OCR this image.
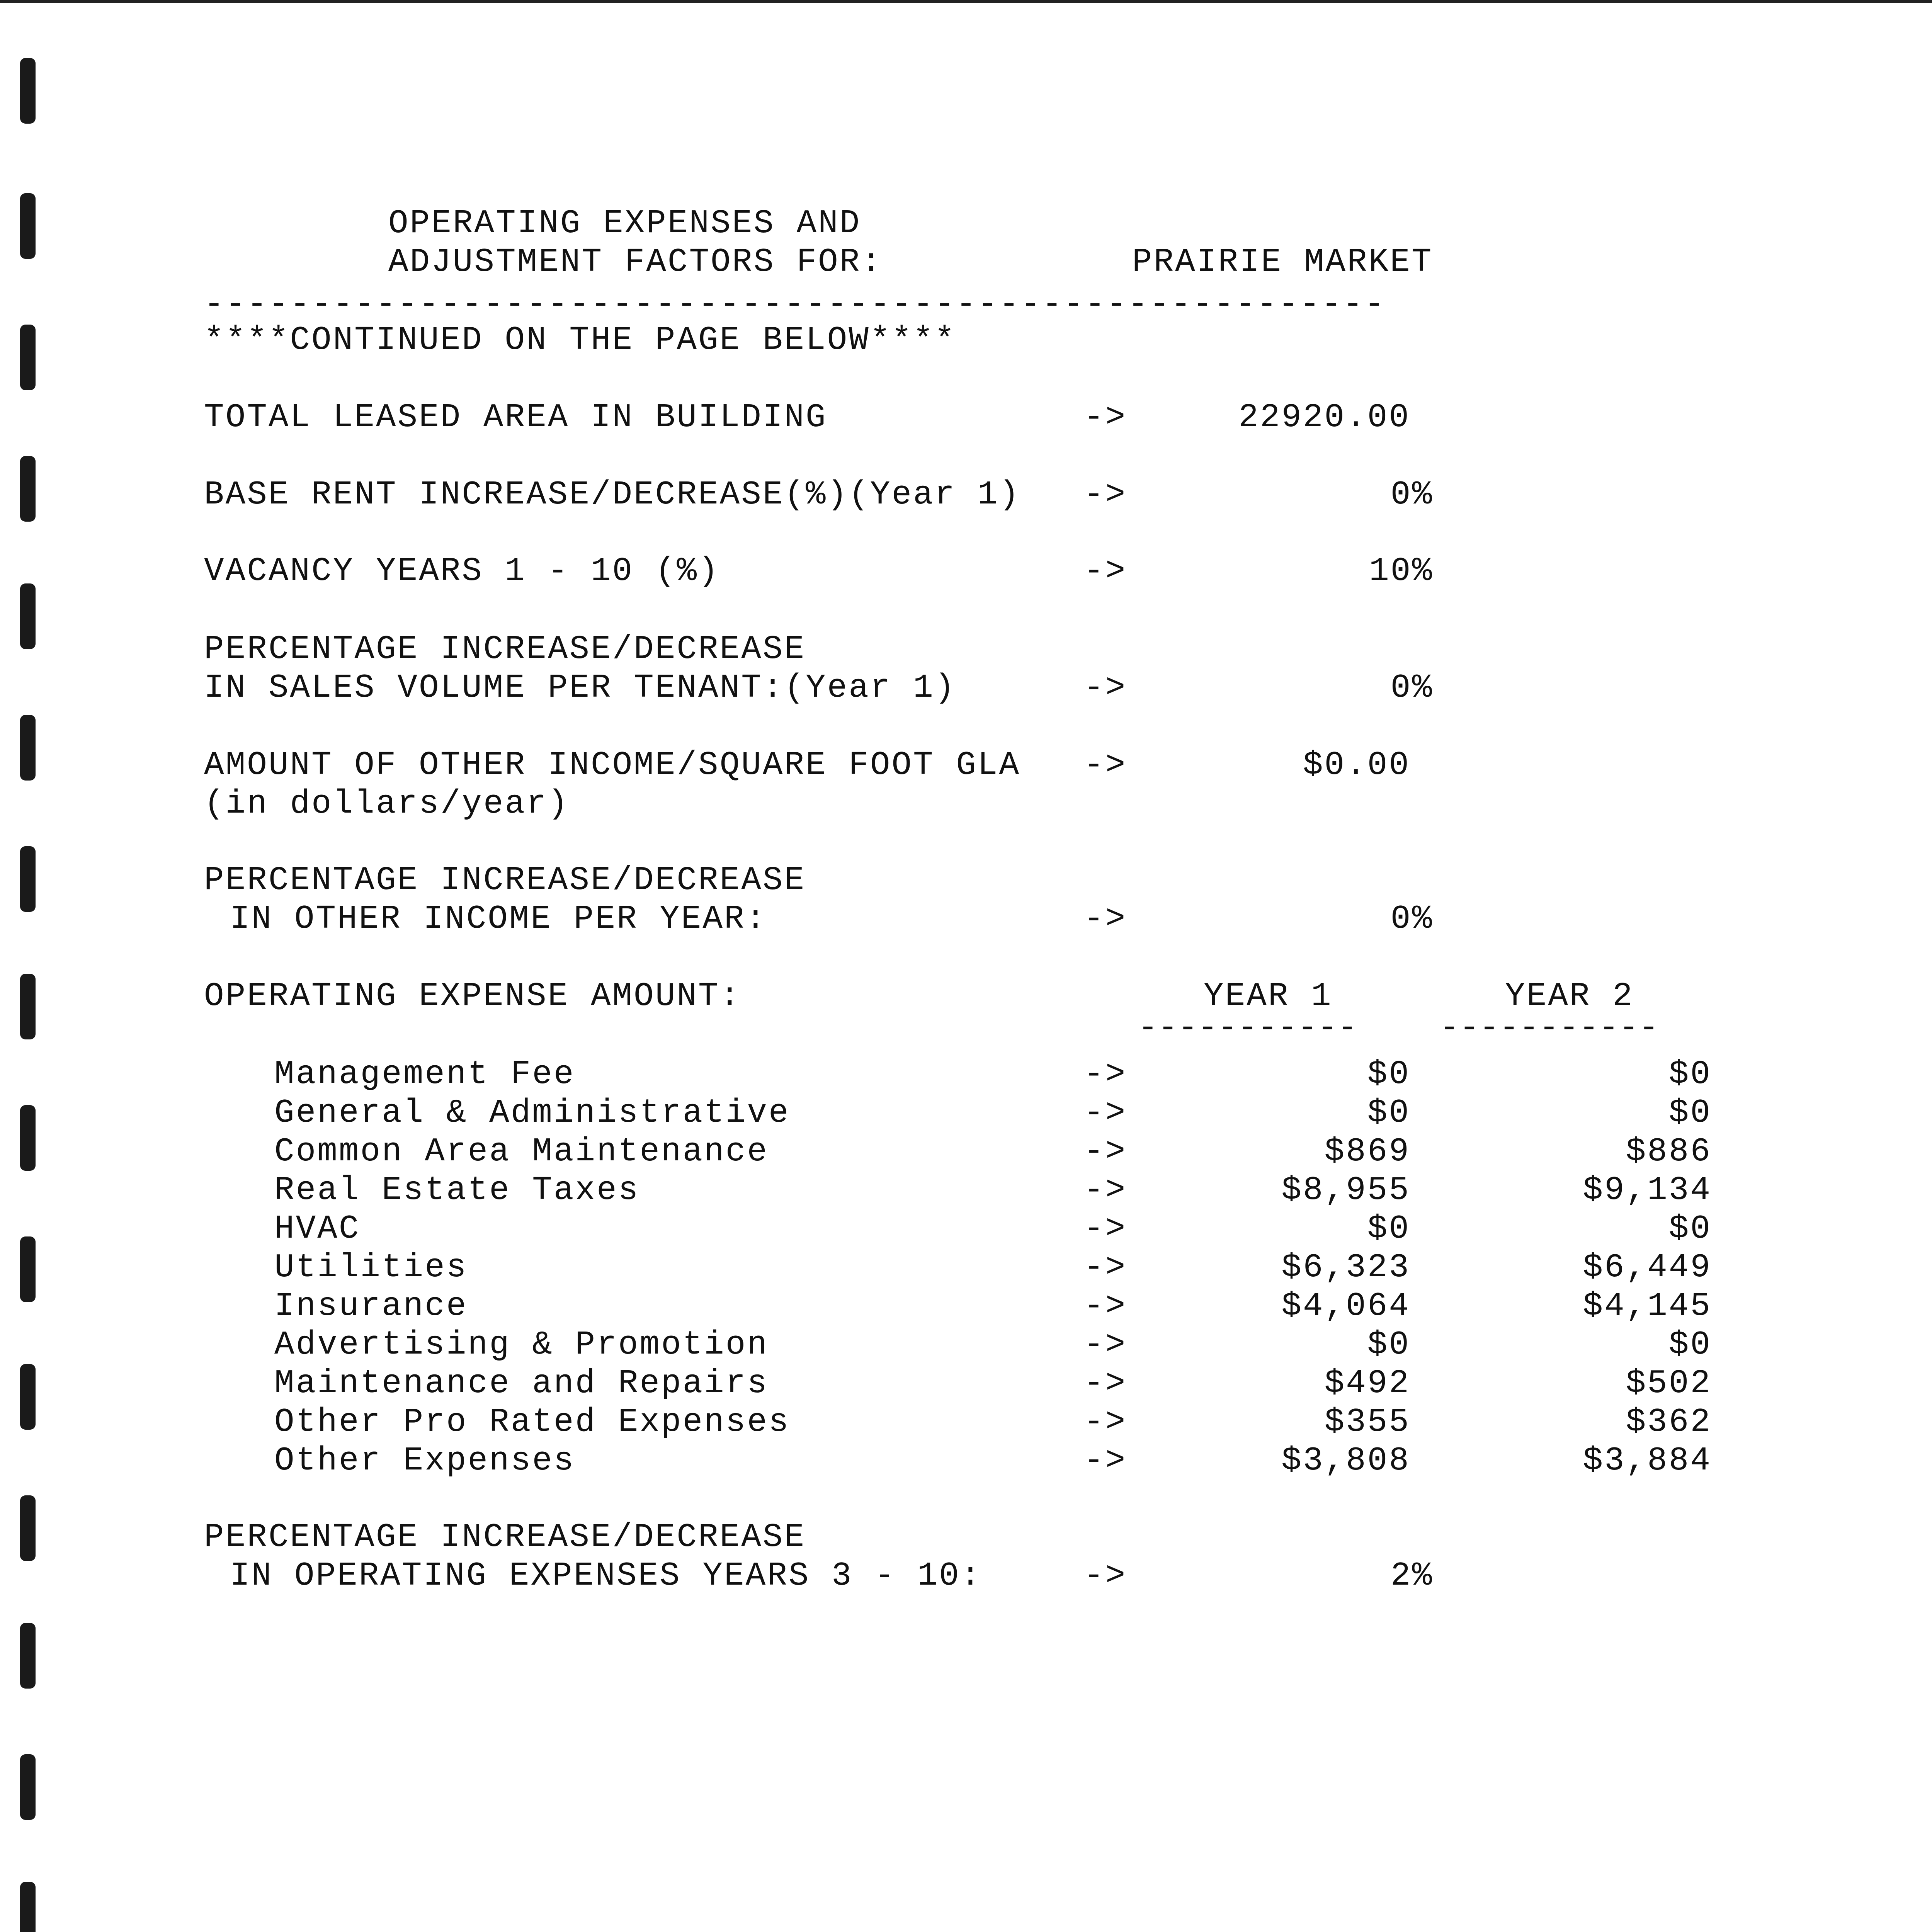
OPERATING EXPENSES AND
ADJUSTMENT FACTORS FOR:	PRAIRIE MARKET
-------------------------------------------------------
****CONTINUED ON THE PAGE BELOW****
TOTAL LEASED AREA IN BUILDING	->	22920.00
BASE RENT INCREASE/DECREASE(%)(Year 1) ->	0%
VACANCY YEARS 1 - 10 (%)	->	10%
PERCENTAGE INCREASE/DECREASE
IN SALES VOLUME PER TENANT:(Year 1)	->	0%
AMOUNT OF OTHER INCOME/SQUARE FOOT GLA ->	$0.00
(in dollars/year)
PERCENTAGE INCREASE/DECREASE
IN OTHER INCOME PER YEAR:	->	0%
OPERATING EXPENSE AMOUNT:	YEAR 1	YEAR 2
-----------	-----------
Management Fee	->	$0	$0
General & Administrative	->	$0	$0
Common Area Maintenance	->	$869	$886
Real Estate Taxes	->	$8,955	$9,134
HVAC	->	$0	$0
Utilities	->	$6,323	$6,449
Insurance	->	$4,064	$4,145
Advertising & Promotion	->	$0	$0
Maintenance and Repairs	->	$492	$502
Other Pro Rated Expenses	->	$355	$362
Other Expenses	->	$3,808	$3,884
PERCENTAGE INCREASE/DECREASE
IN OPERATING EXPENSES YEARS 3 - 10:	->	2%
